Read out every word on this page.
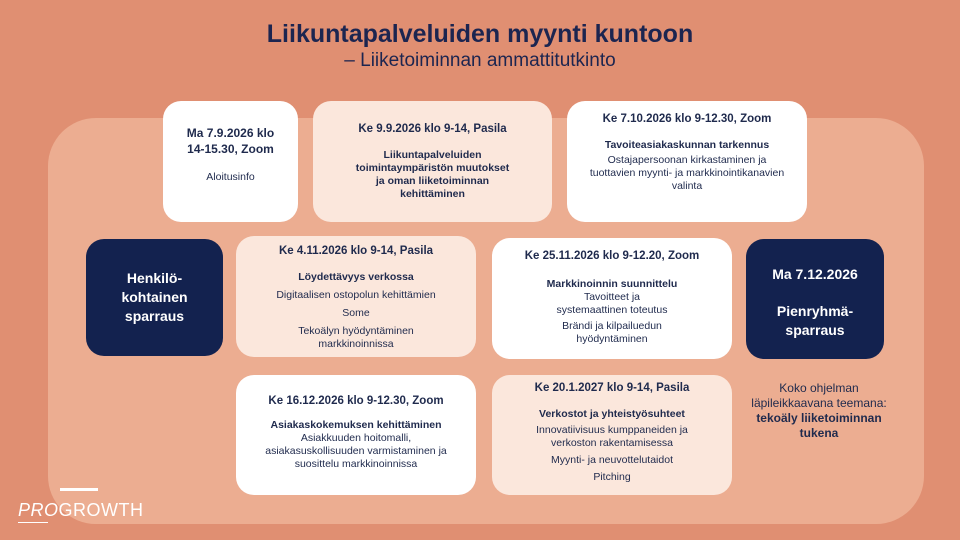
Liikuntapalveluiden myynti kuntoon
– Liiketoiminnan ammattitutkinto
Ma 7.9.2026 klo 14-15.30, Zoom
Aloitusinfo
Ke 9.9.2026 klo 9-14, Pasila
Liikuntapalveluiden toimintaympäristön muutokset ja oman liiketoiminnan kehittäminen
Ke 7.10.2026 klo 9-12.30, Zoom
Tavoiteasiakaskunnan tarkennus
Ostajapersoonan kirkastaminen ja tuottavien myynti- ja markkinointikanavien valinta
Henkilö-kohtainen sparraus
Ke 4.11.2026 klo 9-14, Pasila
Löydettävyys verkossa
Digitaalisen ostopolun kehittämien
Some
Tekoälyn hyödyntäminen markkinoinnissa
Ke 25.11.2026 klo 9-12.20, Zoom
Markkinoinnin suunnittelu
Tavoitteet ja systemaattinen toteutus
Brändi ja kilpailuedun hyödyntäminen
Ma 7.12.2026
Pienryhmä-sparraus
Ke 16.12.2026 klo 9-12.30, Zoom
Asiakaskokemuksen kehittäminen
Asiakkuuden hoitomalli, asiakasuskollisuuden varmistaminen ja suosittelu markkinoinnissa
Ke 20.1.2027 klo 9-14, Pasila
Verkostot ja yhteistyösuhteet
Innovatiivisuus kumppaneiden ja verkoston rakentamisessa
Myynti- ja neuvottelutaidot
Pitching
Koko ohjelman läpileikkaavana teemana:
tekoäly liiketoiminnan tukena
PROGROWTH
